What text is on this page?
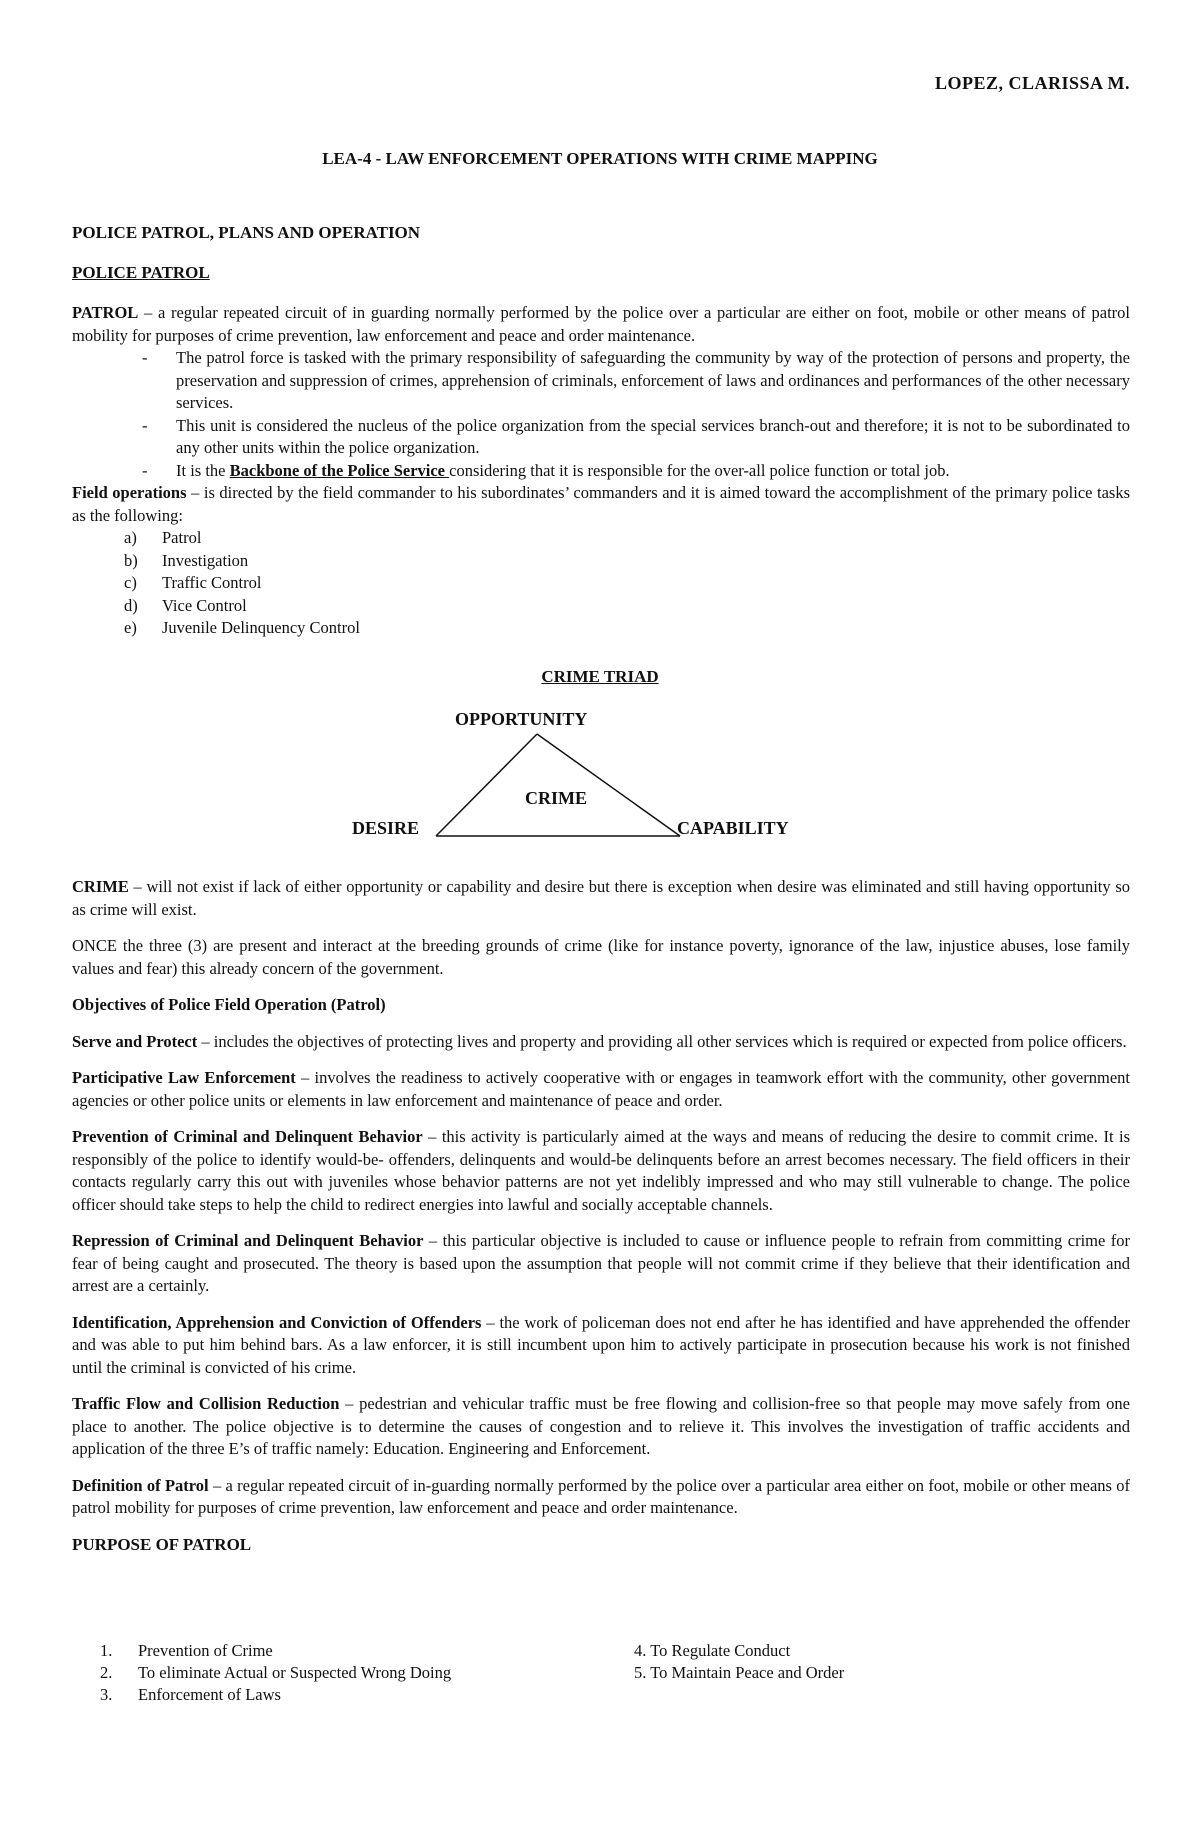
LOPEZ, CLARISSA M.
LEA-4 - LAW ENFORCEMENT OPERATIONS WITH CRIME MAPPING
POLICE PATROL, PLANS AND OPERATION
POLICE PATROL

PATROL – a regular repeated circuit of in guarding normally performed by the police over a particular are either on foot, mobile or other means of patrol mobility for purposes of crime prevention, law enforcement and peace and order maintenance.

- The patrol force is tasked with the primary responsibility of safeguarding the community by way of the protection of persons and property, the preservation and suppression of crimes, apprehension of criminals, enforcement of laws and ordinances and performances of the other necessary services.
- This unit is considered the nucleus of the police organization from the special services branch-out and therefore; it is not to be subordinated to any other units within the police organization.
- It is the Backbone of the Police Service considering that it is responsible for the over-all police function or total job.

Field operations – is directed by the field commander to his subordinates’ commanders and it is aimed toward the accomplishment of the primary police tasks as the following:

a) Patrol
b) Investigation
c) Traffic Control
d) Vice Control
e) Juvenile Delinquency Control
CRIME TRIAD
OPPORTUNITY
CRIME
DESIRE	CAPABILITY

CRIME – will not exist if lack of either opportunity or capability and desire but there is exception when desire was eliminated and still having opportunity so as crime will exist.

ONCE the three (3) are present and interact at the breeding grounds of crime (like for instance poverty, ignorance of the law, injustice abuses, lose family values and fear) this already concern of the government.

Objectives of Police Field Operation (Patrol)

Serve and Protect – includes the objectives of protecting lives and property and providing all other services which is required or expected from police officers.

Participative Law Enforcement – involves the readiness to actively cooperative with or engages in teamwork effort with the community, other government agencies or other police units or elements in law enforcement and maintenance of peace and order.

Prevention of Criminal and Delinquent Behavior – this activity is particularly aimed at the ways and means of reducing the desire to commit crime. It is responsibly of the police to identify would-be- offenders, delinquents and would-be delinquents before an arrest becomes necessary. The field officers in their contacts regularly carry this out with juveniles whose behavior patterns are not yet indelibly impressed and who may still vulnerable to change. The police officer should take steps to help the child to redirect energies into lawful and socially acceptable channels.

Repression of Criminal and Delinquent Behavior – this particular objective is included to cause or influence people to refrain from committing crime for fear of being caught and prosecuted. The theory is based upon the assumption that people will not commit crime if they believe that their identification and arrest are a certainly.

Identification, Apprehension and Conviction of Offenders – the work of policeman does not end after he has identified and have apprehended the offender and was able to put him behind bars. As a law enforcer, it is still incumbent upon him to actively participate in prosecution because his work is not finished until the criminal is convicted of his crime.

Traffic Flow and Collision Reduction – pedestrian and vehicular traffic must be free flowing and collision-free so that people may move safely from one place to another. The police objective is to determine the causes of congestion and to relieve it. This involves the investigation of traffic accidents and application of the three E’s of traffic namely: Education. Engineering and Enforcement.

Definition of Patrol – a regular repeated circuit of in-guarding normally performed by the police over a particular area either on foot, mobile or other means of patrol mobility for purposes of crime prevention, law enforcement and peace and order maintenance.

PURPOSE OF PATROL

1. Prevention of Crime
2. To eliminate Actual or Suspected Wrong Doing
3. Enforcement of Laws
4. To Regulate Conduct
5. To Maintain Peace and Order
